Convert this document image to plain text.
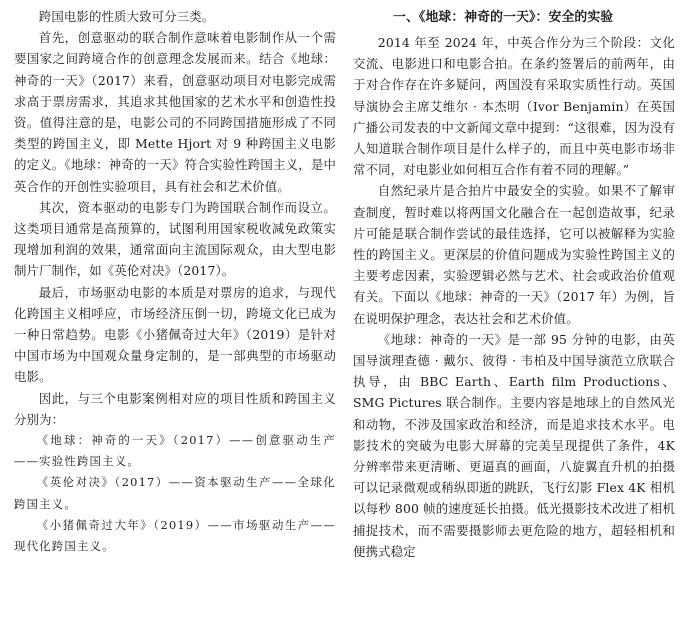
跨国电影的性质大致可分三类。

首先，创意驱动的联合制作意味着电影制作从一个需要国家之间跨境合作的创意理念发展而来。结合《地球：神奇的一天》（2017）来看，创意驱动项目对电影完成需求高于票房需求，其追求其他国家的艺术水平和创造性投资。值得注意的是，电影公司的不同跨国措施形成了不同类型的跨国主义，即 Mette Hjort 对 9 种跨国主义电影的定义。《地球：神奇的一天》符合实验性跨国主义，是中英合作的开创性实验项目，具有社会和艺术价值。

其次，资本驱动的电影专门为跨国联合制作而设立。这类项目通常是高预算的，试图利用国家税收减免政策实现增加利润的效果，通常面向主流国际观众，由大型电影制片厂制作，如《英伦对决》（2017）。

最后，市场驱动电影的本质是对票房的追求，与现代化跨国主义相呼应，市场经济压倒一切，跨境文化已成为一种日常趋势。电影《小猪佩奇过大年》（2019）是针对中国市场为中国观众量身定制的，是一部典型的市场驱动电影。

因此，与三个电影案例相对应的项目性质和跨国主义分别为：

《地球：神奇的一天》（2017）——创意驱动生产——实验性跨国主义。

《英伦对决》（2017）——资本驱动生产——全球化跨国主义。

《小猪佩奇过大年》（2019）——市场驱动生产——现代化跨国主义。

一、《地球：神奇的一天》：安全的实验

2014 年至 2024 年，中英合作分为三个阶段：文化交流、电影进口和电影合拍。在条约签署后的前两年，由于对合作存在许多疑问，两国没有采取实质性行动。英国导演协会主席艾维尔 · 本杰明（Ivor Benjamin）在英国广播公司发表的中文新闻文章中提到：“这很难，因为没有人知道联合制作项目是什么样子的，而且中英电影市场非常不同，对电影业如何相互合作有着不同的理解。”

自然纪录片是合拍片中最安全的实验。如果不了解审查制度，暂时难以将两国文化融合在一起创造故事，纪录片可能是联合制作尝试的最佳选择，它可以被解释为实验性的跨国主义。更深层的价值问题成为实验性跨国主义的主要考虑因素，实验逻辑必然与艺术、社会或政治价值观有关。下面以《地球：神奇的一天》（2017 年）为例，旨在说明保护理念，表达社会和艺术价值。

《地球：神奇的一天》是一部 95 分钟的电影，由英国导演理查德 · 戴尔、彼得 · 韦柏及中国导演范立欣联合执导，由 BBC Earth、Earth film Productions、SMG Pictures 联合制作。主要内容是地球上的自然风光和动物，不涉及国家政治和经济，而是追求技术水平。电影技术的突破为电影大屏幕的完美呈现提供了条件，4K 分辨率带来更清晰、更逼真的画面，八旋翼直升机的拍摄可以记录微观或稍纵即逝的跳跃，飞行幻影 Flex 4K 相机以每秒 800 帧的速度延长拍摄。低光摄影技术改进了相机捕捉技术，而不需要摄影师去更危险的地方，超轻相机和便携式稳定
